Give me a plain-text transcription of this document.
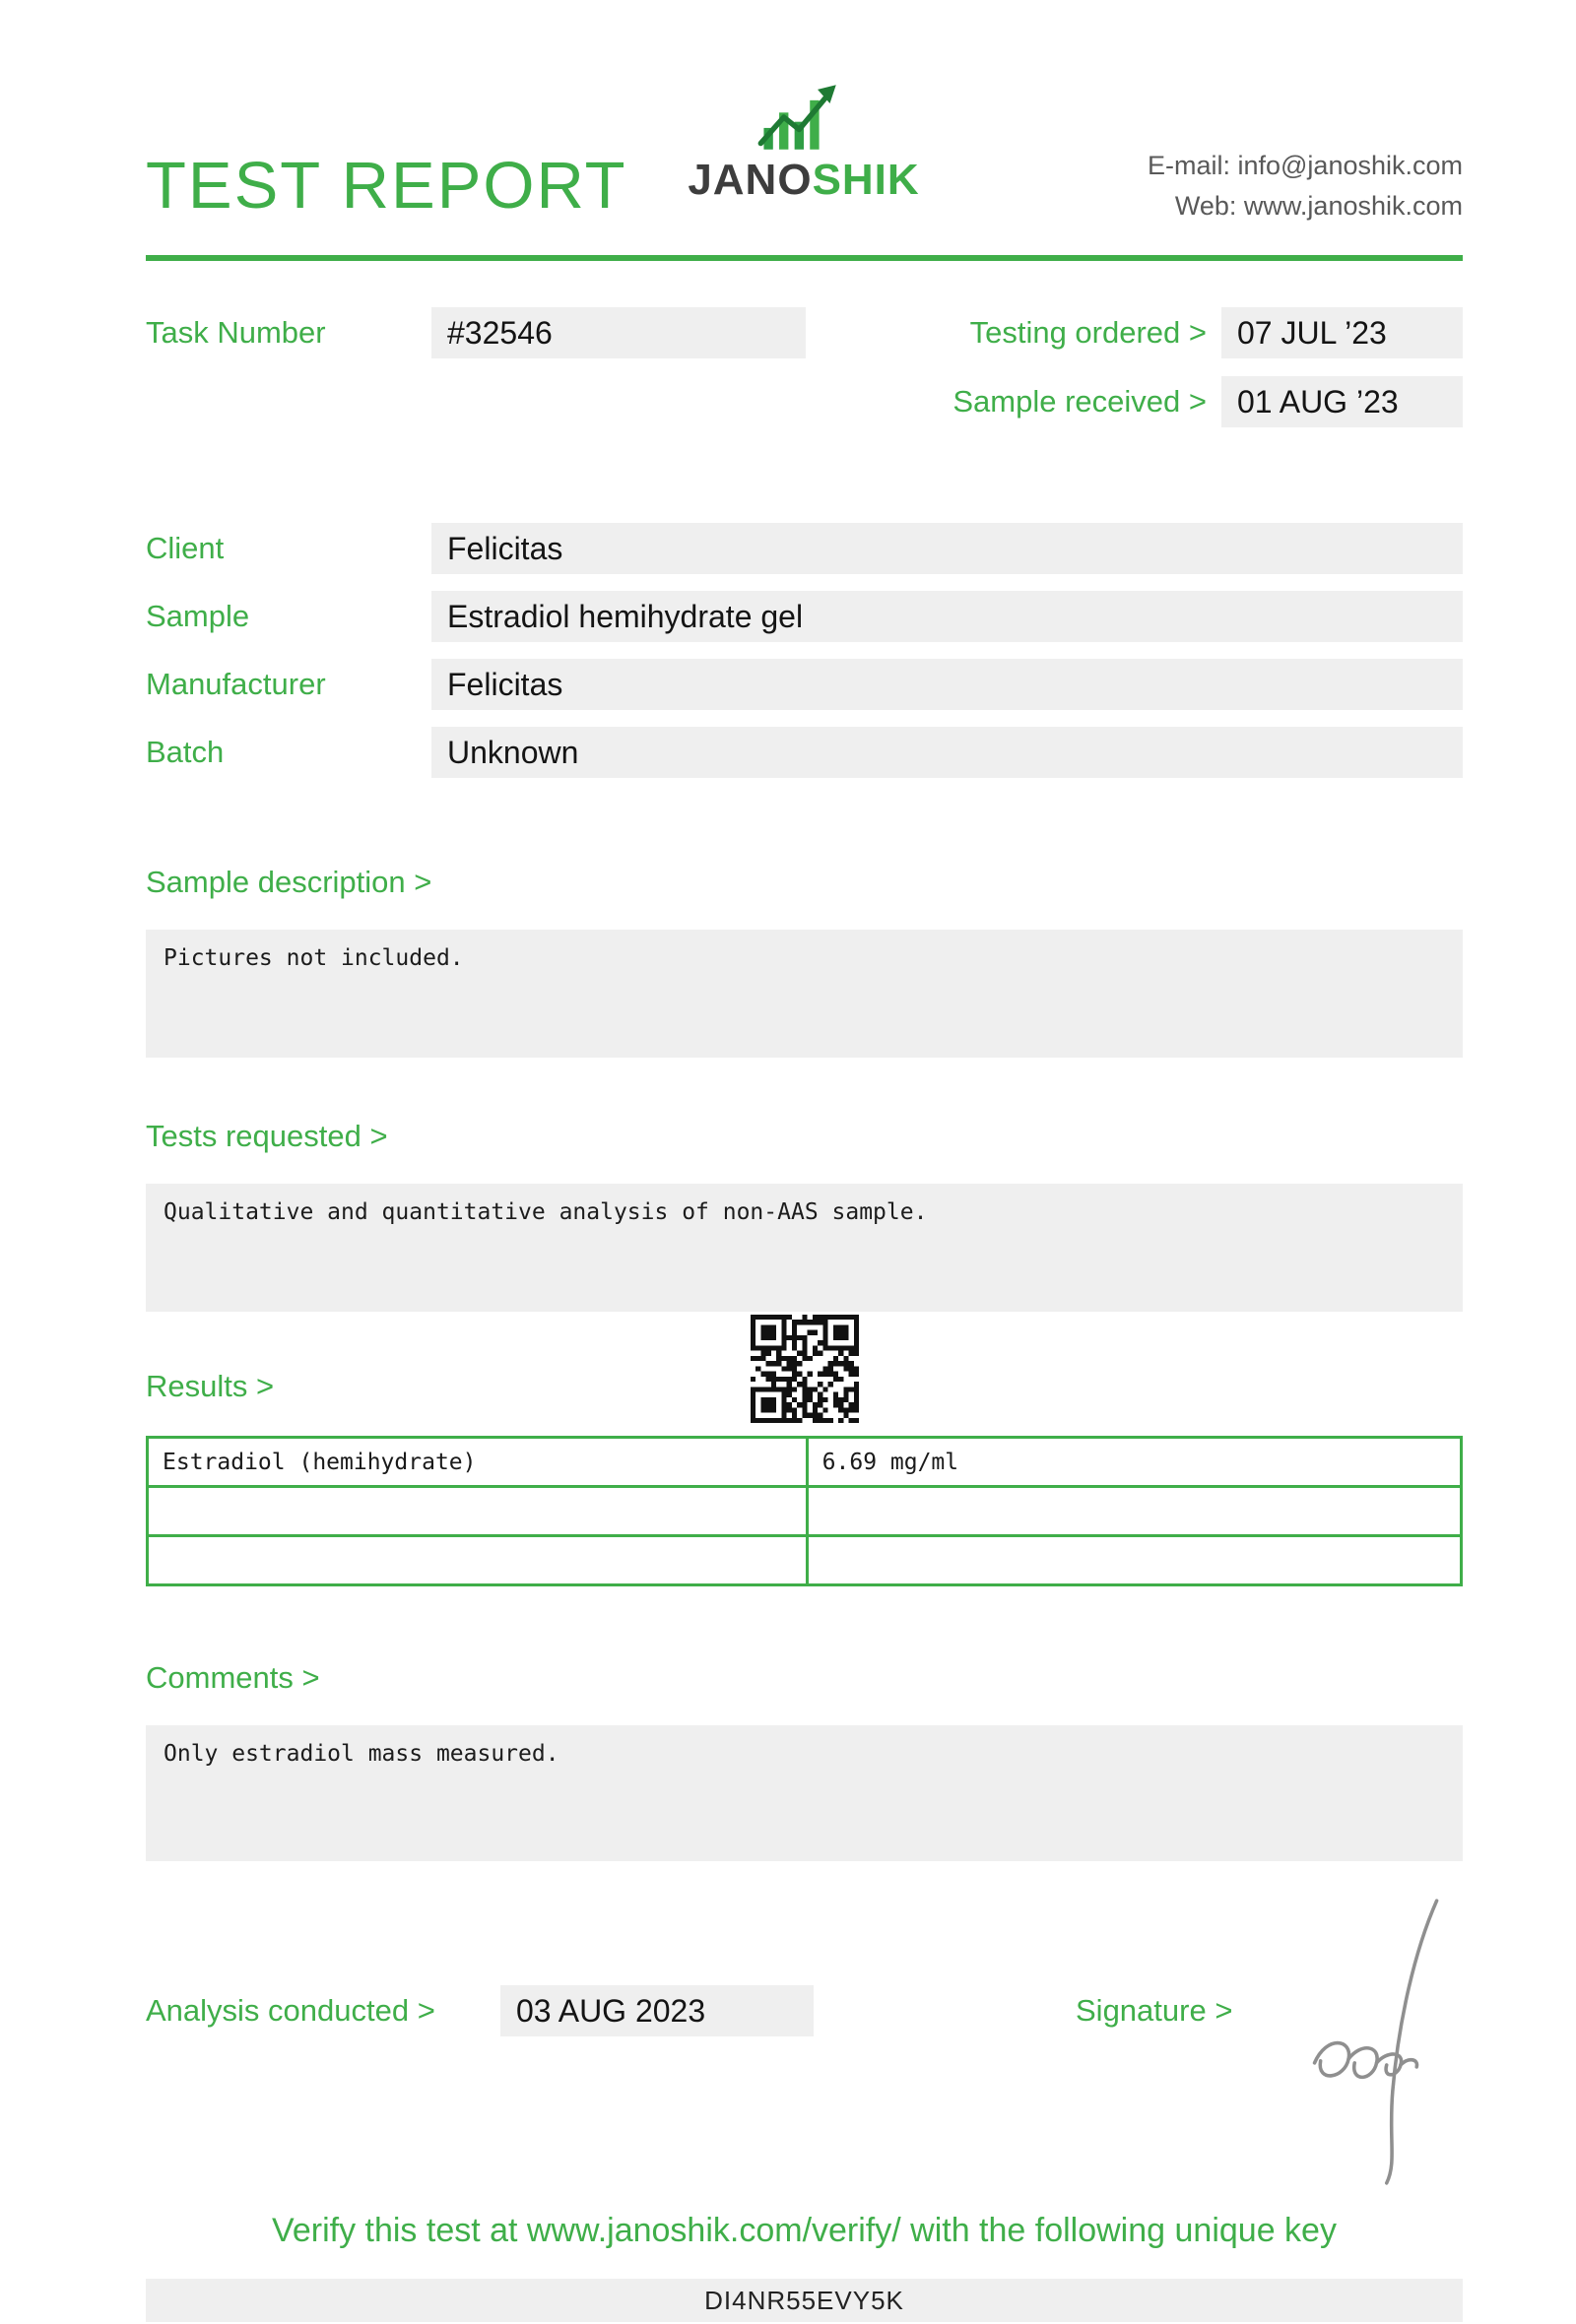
TEST REPORT JANOSHIK	E-mail: info@janoshik.com
Web: www.janoshik.com
Task Number	#32546	Testing ordered > 07 JUL ’23
Sample received > 01 AUG ’23
Client	Felicitas
Sample	Estradiol hemihydrate gel
Manufacturer	Felicitas
Batch	Unknown
Sample description >
Pictures not included.
Tests requested >
Qualitative and quantitative analysis of non-AAS sample.
Results >
Estradiol (hemihydrate)	6.69 mg/ml

Comments >
Only estradiol mass measured.
Analysis conducted >	03 AUG 2023	Signature >
Verify this test at www.janoshik.com/verify/ with the following unique key
DI4NR55EVY5K
